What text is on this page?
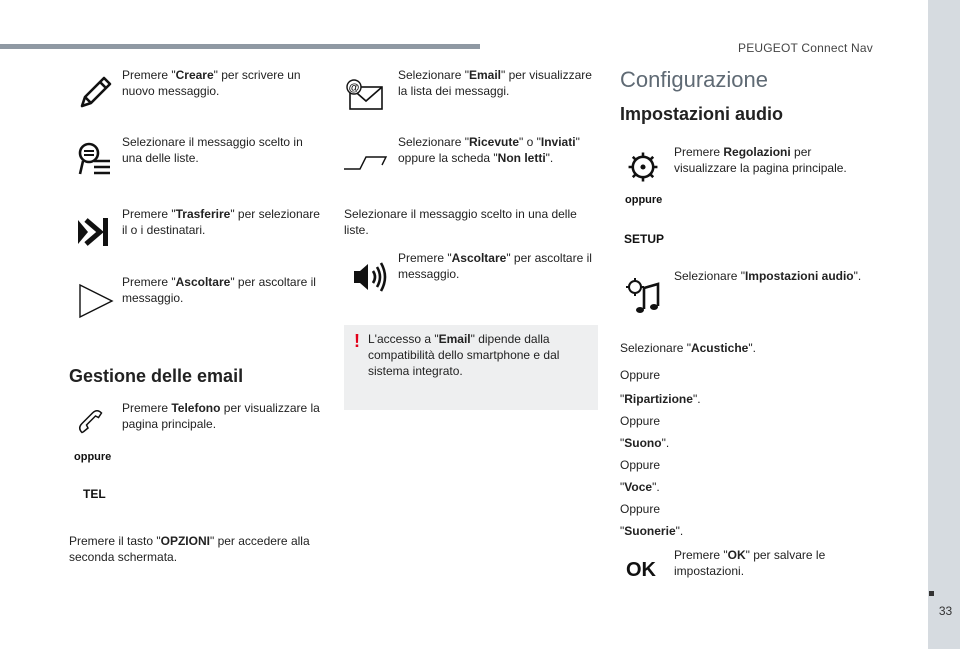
PEUGEOT Connect Nav
33
Premere "Creare" per scrivere un nuovo messaggio.
Selezionare il messaggio scelto in una delle liste.
Premere "Trasferire" per selezionare il o i destinatari.
Premere "Ascoltare" per ascoltare il messaggio.
Gestione delle email
Premere Telefono per visualizzare la pagina principale.
oppure
TEL
Premere il tasto "OPZIONI" per accedere alla seconda schermata.
@
Selezionare "Email" per visualizzare la lista dei messaggi.
Selezionare "Ricevute" o "Inviati" oppure la scheda "Non letti".
Selezionare il messaggio scelto in una delle liste.
Premere "Ascoltare" per ascoltare il messaggio.
! L'accesso a "Email" dipende dalla compatibilità dello smartphone e dal sistema integrato.
Configurazione
Impostazioni audio
Premere Regolazioni per visualizzare la pagina principale.
oppure
SETUP
Selezionare "Impostazioni audio".
Selezionare "Acustiche".
Oppure
"Ripartizione".
Oppure
"Suono".
Oppure
"Voce".
Oppure
"Suonerie".
OK
Premere "OK" per salvare le impostazioni.
